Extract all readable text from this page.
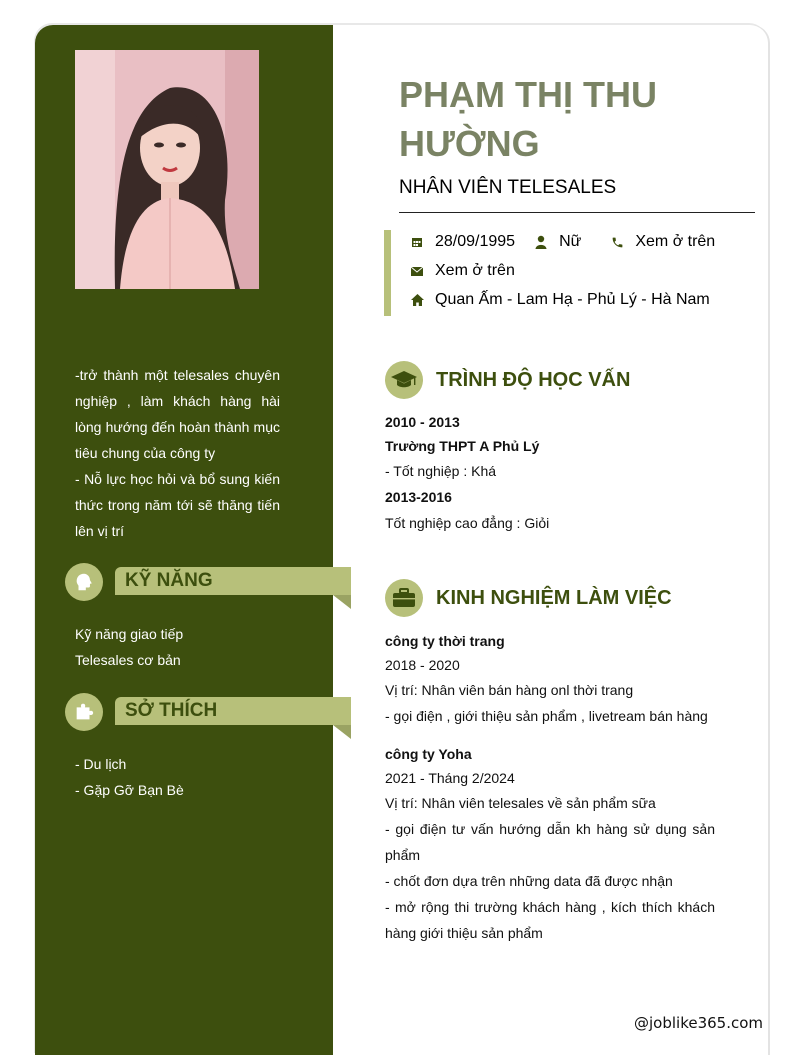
-trở thành một telesales chuyên nghiệp , làm khách hàng hài lòng hướng đến hoàn thành mục tiêu chung của công ty
- Nỗ lực học hỏi và bổ sung kiến thức trong năm tới sẽ thăng tiến lên vị trí
KỸ NĂNG
Kỹ năng giao tiếp
Telesales cơ bản
SỞ THÍCH
- Du lịch
- Gặp Gỡ Bạn Bè
PHẠM THỊ THU HƯỜNG
NHÂN VIÊN TELESALES
28/09/1995	Nữ	Xem ở trên
Xem ở trên
Quan Ấm - Lam Hạ - Phủ Lý - Hà Nam
TRÌNH ĐỘ HỌC VẤN
2010 - 2013
Trường THPT A Phủ Lý
- Tốt nghiệp : Khá
2013-2016
Tốt nghiệp cao đẳng : Giỏi
KINH NGHIỆM LÀM VIỆC
công ty thời trang
2018 - 2020
Vị trí: Nhân viên bán hàng onl thời trang
- gọi điện , giới thiệu sản phẩm , livetream bán hàng
công ty Yoha
2021 - Tháng 2/2024
Vị trí: Nhân viên telesales về sản phẩm sữa
- gọi điện tư vấn hướng dẫn kh hàng sử dụng sản phẩm
- chốt đơn dựa trên những data đã được nhận
- mở rộng thi trường khách hàng , kích thích khách hàng giới thiệu sản phẩm
@joblike365.com
